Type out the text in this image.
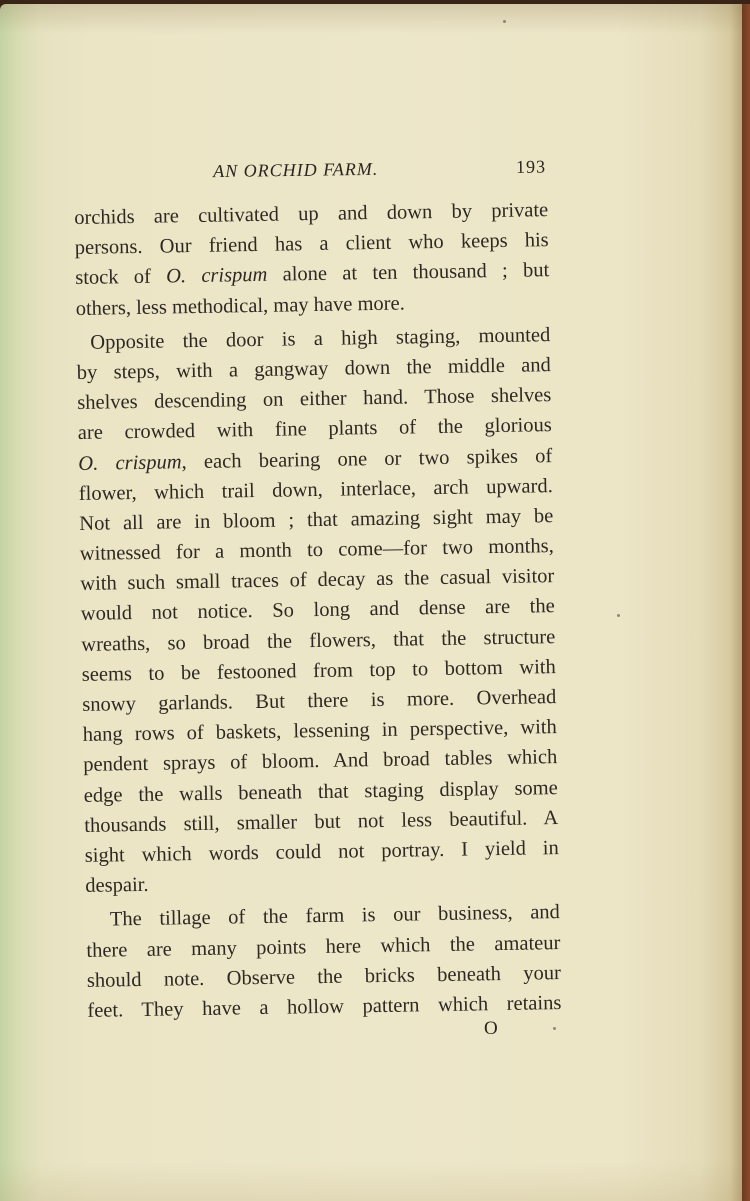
AN ORCHID FARM.	193
orchids are cultivated up and down by private
persons. Our friend has a client who keeps his
stock of O. crispum alone at ten thousand ; but
others, less methodical, may have more.
Opposite the door is a high staging, mounted
by steps, with a gangway down the middle and
shelves descending on either hand. Those shelves
are crowded with fine plants of the glorious
O. crispum, each bearing one or two spikes of
flower, which trail down, interlace, arch upward.
Not all are in bloom ; that amazing sight may be
witnessed for a month to come—for two months,
with such small traces of decay as the casual visitor
would not notice. So long and dense are the
wreaths, so broad the flowers, that the structure
seems to be festooned from top to bottom with
snowy garlands. But there is more. Overhead
hang rows of baskets, lessening in perspective, with
pendent sprays of bloom. And broad tables which
edge the walls beneath that staging display some
thousands still, smaller but not less beautiful. A
sight which words could not portray. I yield in
despair.
The tillage of the farm is our business, and
there are many points here which the amateur
should note. Observe the bricks beneath your
feet. They have a hollow pattern which retains
O
